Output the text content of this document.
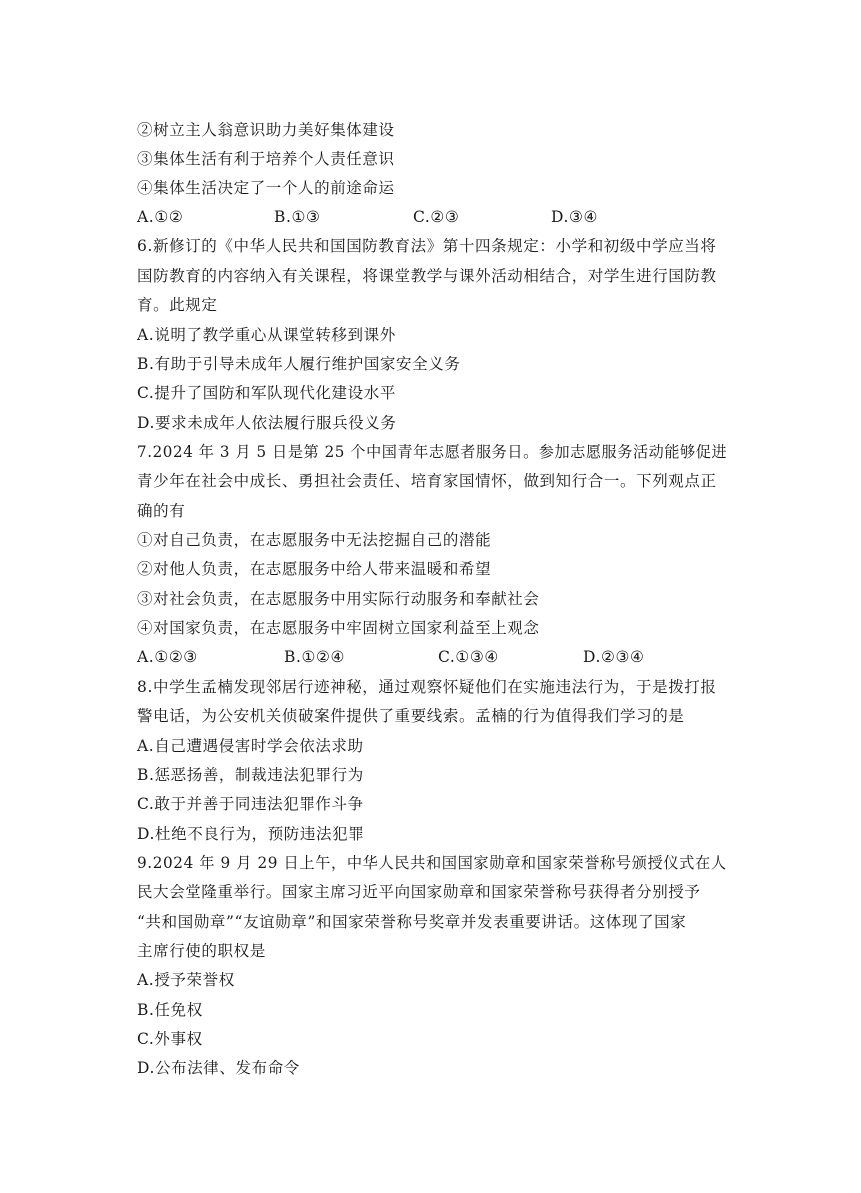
②树立主人翁意识助力美好集体建设
③集体生活有利于培养个人责任意识
④集体生活决定了一个人的前途命运
A.①②	B.①③	C.②③	D.③④
6.新修订的《中华人民共和国国防教育法》第十四条规定：小学和初级中学应当将
国防教育的内容纳入有关课程，将课堂教学与课外活动相结合，对学生进行国防教
育。此规定
A.说明了教学重心从课堂转移到课外
B.有助于引导未成年人履行维护国家安全义务
C.提升了国防和军队现代化建设水平
D.要求未成年人依法履行服兵役义务
7.2024 年 3 月 5 日是第 25 个中国青年志愿者服务日。参加志愿服务活动能够促进
青少年在社会中成长、勇担社会责任、培育家国情怀，做到知行合一。下列观点正
确的有
①对自己负责，在志愿服务中无法挖掘自己的潜能
②对他人负责，在志愿服务中给人带来温暖和希望
③对社会负责，在志愿服务中用实际行动服务和奉献社会
④对国家负责，在志愿服务中牢固树立国家利益至上观念
A.①②③	B.①②④	C.①③④	D.②③④
8.中学生孟楠发现邻居行迹神秘，通过观察怀疑他们在实施违法行为，于是拨打报
警电话，为公安机关侦破案件提供了重要线索。孟楠的行为值得我们学习的是
A.自己遭遇侵害时学会依法求助
B.惩恶扬善，制裁违法犯罪行为
C.敢于并善于同违法犯罪作斗争
D.杜绝不良行为，预防违法犯罪
9.2024 年 9 月 29 日上午，中华人民共和国国家勋章和国家荣誉称号颁授仪式在人
民大会堂隆重举行。国家主席习近平向国家勋章和国家荣誉称号获得者分别授予
“共和国勋章”“友谊勋章”和国家荣誉称号奖章并发表重要讲话。这体现了国家
主席行使的职权是
A.授予荣誉权
B.任免权
C.外事权
D.公布法律、发布命令
